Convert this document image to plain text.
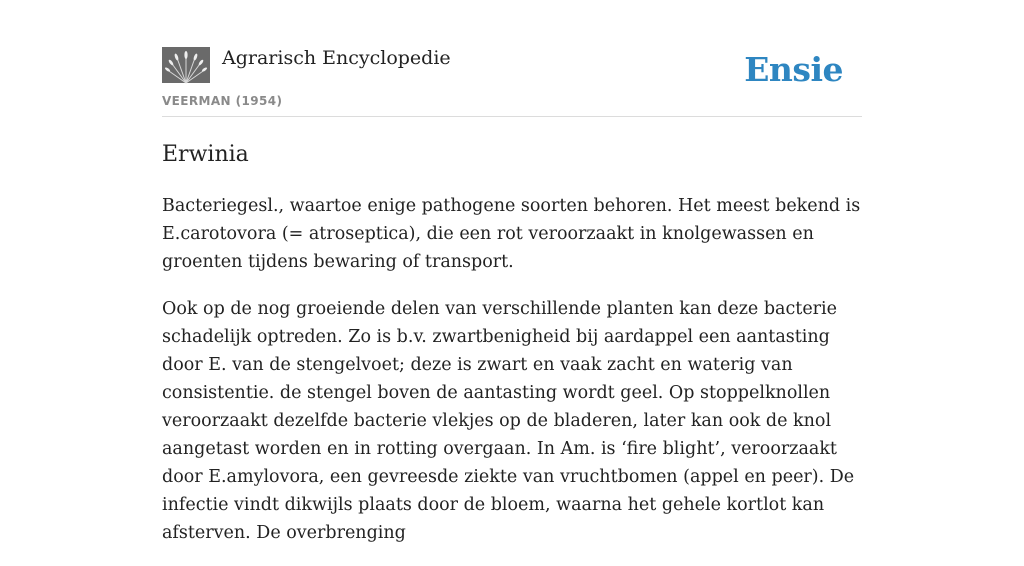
Agrarisch Encyclopedie
VEERMAN (1954)
Ensie
Erwinia

Bacteriegesl., waartoe enige pathogene soorten behoren. Het meest bekend is E.carotovora (= atroseptica), die een rot veroorzaakt in knolgewassen en groenten tijdens bewaring of transport.

Ook op de nog groeiende delen van verschillende planten kan deze bacterie schadelijk optreden. Zo is b.v. zwartbenigheid bij aardappel een aantasting door E. van de stengelvoet; deze is zwart en vaak zacht en waterig van consistentie. de stengel boven de aantasting wordt geel. Op stoppelknollen veroorzaakt dezelfde bacterie vlekjes op de bladeren, later kan ook de knol aangetast worden en in rotting overgaan. In Am. is ‘fire blight’, veroorzaakt door E.amylovora, een gevreesde ziekte van vruchtbomen (appel en peer). De infectie vindt dikwijls plaats door de bloem, waarna het gehele kortlot kan afsterven. De overbrenging
